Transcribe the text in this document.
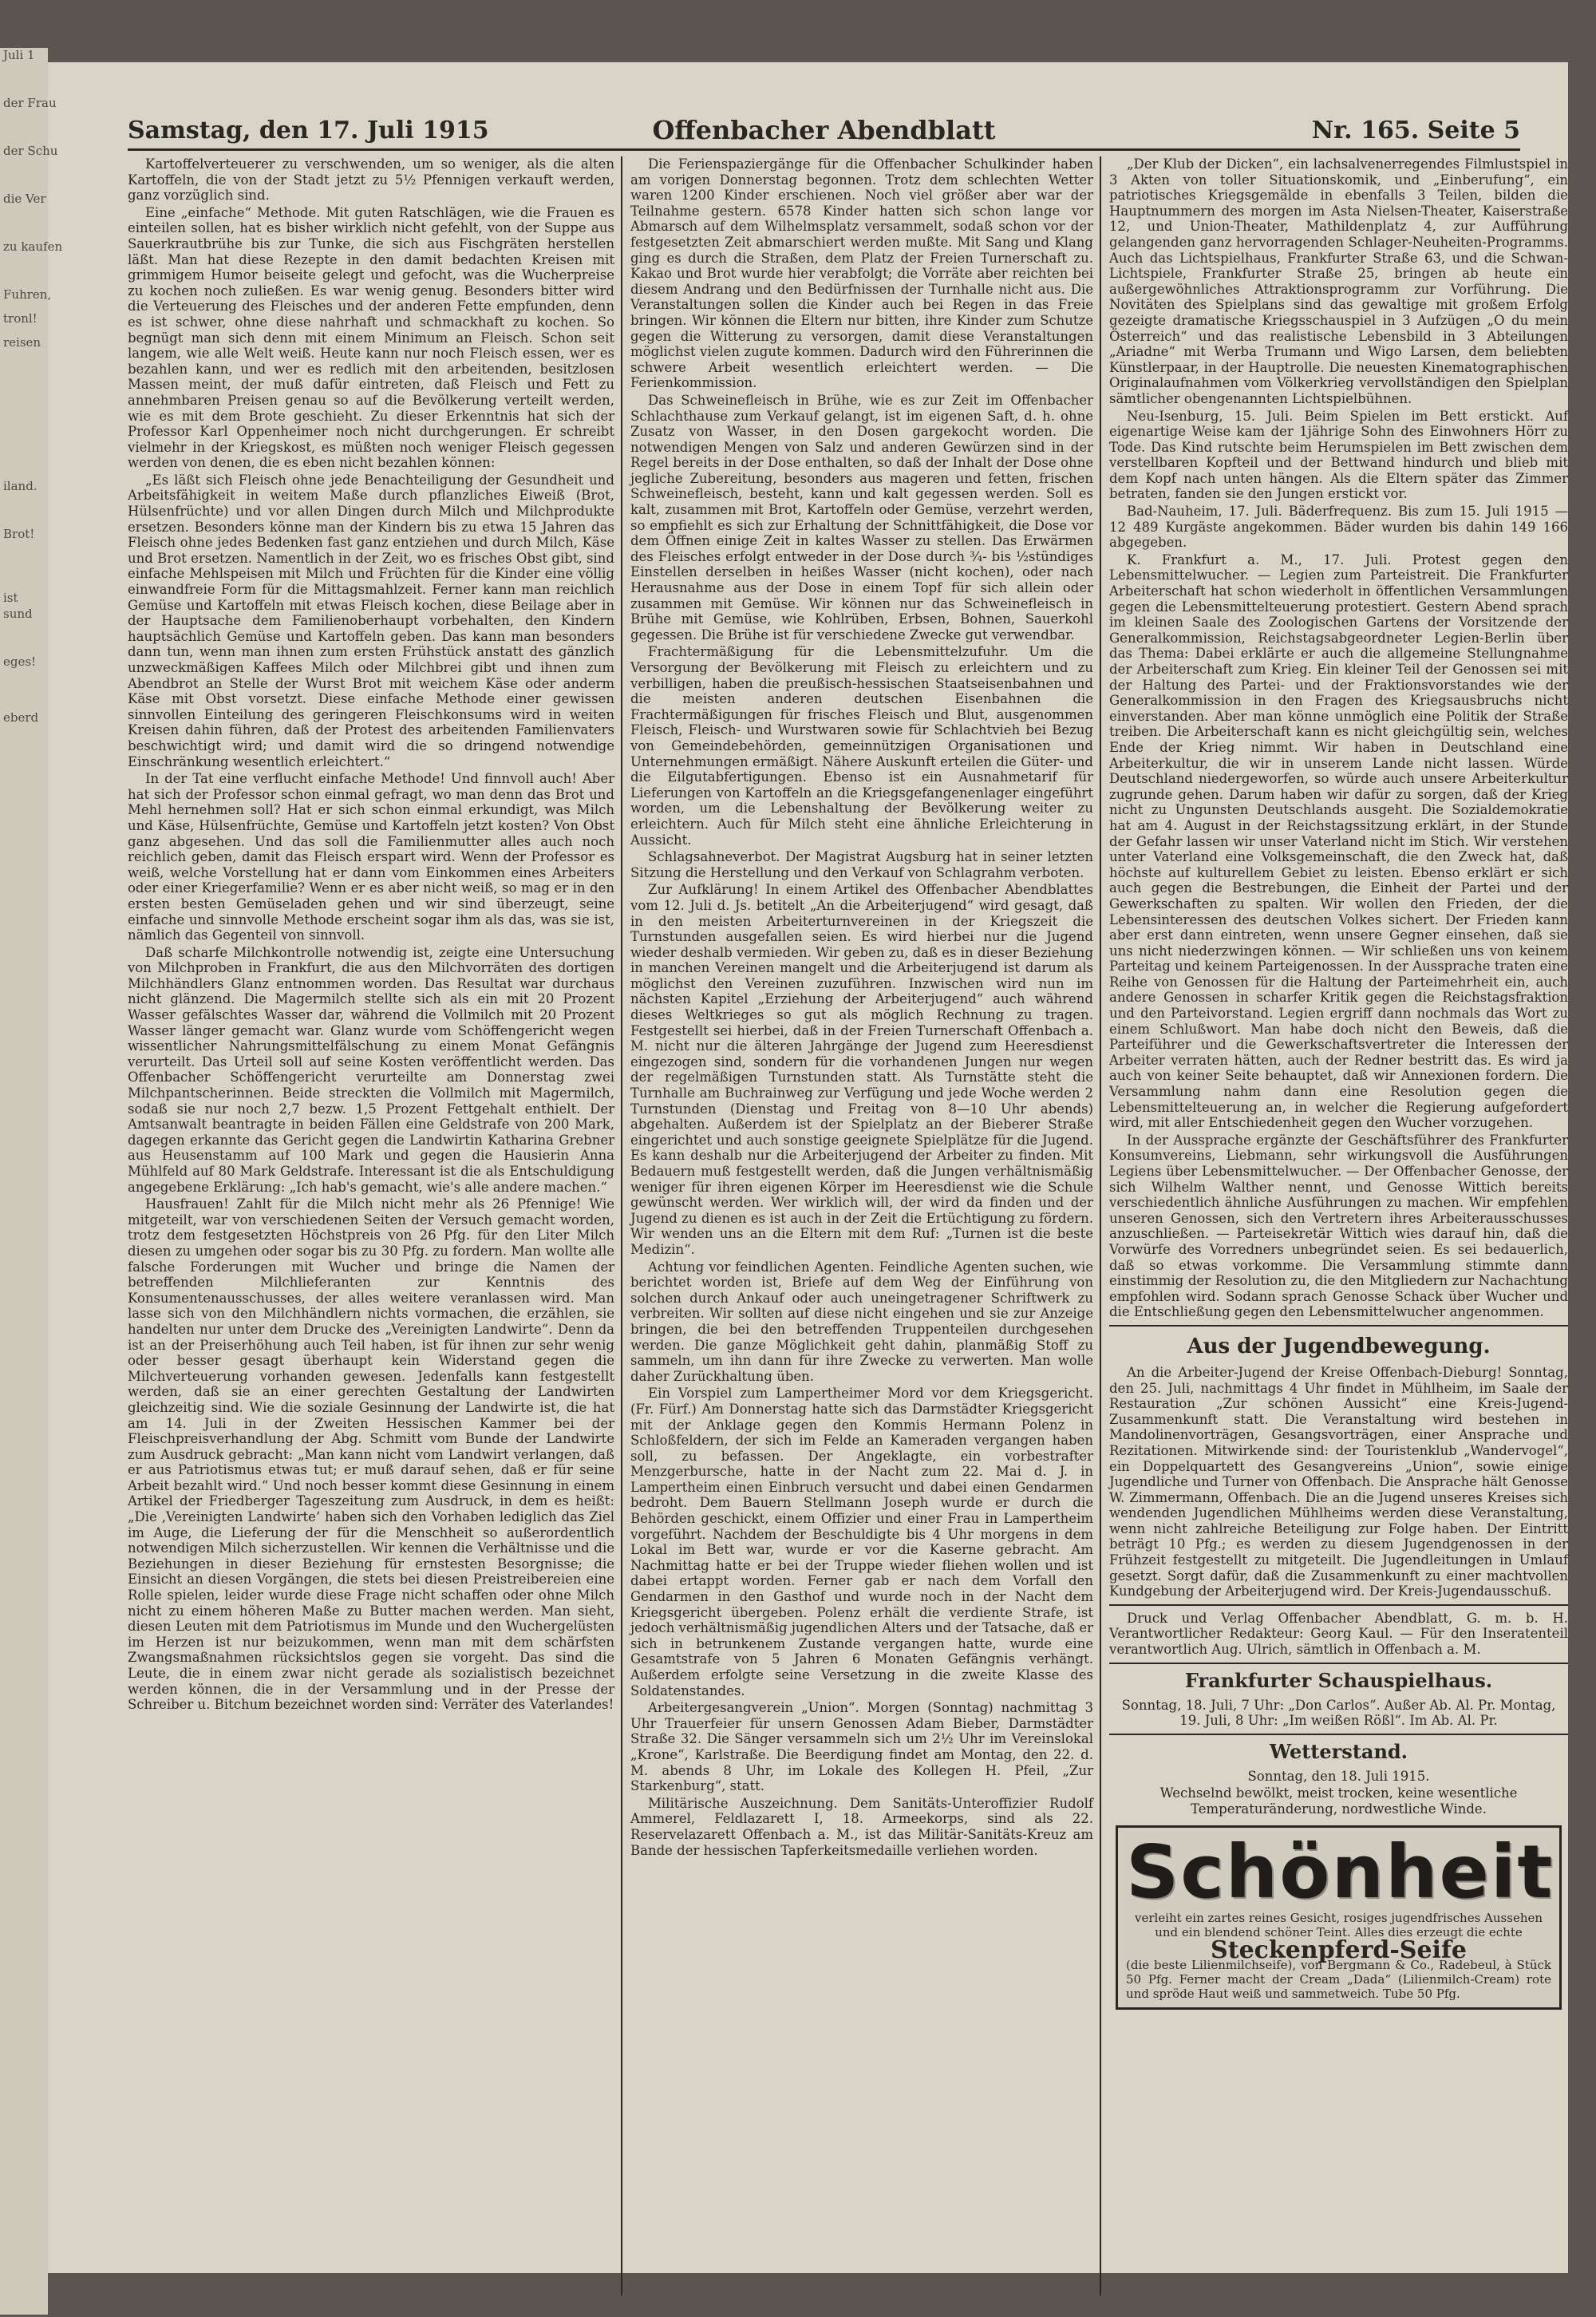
Samstag, den 17. Juli 1915	Offenbacher Abendblatt	Nr. 165. Seite 5

Kartoffelverteuerer zu verschwenden, um so weniger, als die alten Kartoffeln, die von der Stadt jetzt zu 5½ Pfennigen verkauft werden, ganz vorzüglich sind.

Eine „einfache“ Methode. Mit guten Ratschlägen, wie die Frauen es einteilen sollen, hat es bisher wirklich nicht gefehlt, von der Suppe aus Sauerkrautbrühe bis zur Tunke, die sich aus Fischgräten herstellen läßt. Man hat diese Rezepte in den damit bedachten Kreisen mit grimmigem Humor beiseite gelegt und gefocht, was die Wucherpreise zu kochen noch zuließen. Es war wenig genug. Besonders bitter wird die Verteuerung des Fleisches und der anderen Fette empfunden, denn es ist schwer, ohne diese nahrhaft und schmackhaft zu kochen. So begnügt man sich denn mit einem Minimum an Fleisch. Schon seit langem, wie alle Welt weiß. Heute kann nur noch Fleisch essen, wer es bezahlen kann, und wer es redlich mit den arbeitenden, besitzlosen Massen meint, der muß dafür eintreten, daß Fleisch und Fett zu annehmbaren Preisen genau so auf die Bevölkerung verteilt werden, wie es mit dem Brote geschieht. Zu dieser Erkenntnis hat sich der Professor Karl Oppenheimer noch nicht durchgerungen. Er schreibt vielmehr in der Kriegskost, es müßten noch weniger Fleisch gegessen werden von denen, die es eben nicht bezahlen können:

„Es läßt sich Fleisch ohne jede Benachteiligung der Gesundheit und Arbeitsfähigkeit in weitem Maße durch pflanzliches Eiweiß (Brot, Hülsenfrüchte) und vor allen Dingen durch Milch und Milchprodukte ersetzen. Besonders könne man der Kindern bis zu etwa 15 Jahren das Fleisch ohne jedes Bedenken fast ganz entziehen und durch Milch, Käse und Brot ersetzen. Namentlich in der Zeit, wo es frisches Obst gibt, sind einfache Mehlspeisen mit Milch und Früchten für die Kinder eine völlig einwandfreie Form für die Mittagsmahlzeit. Ferner kann man reichlich Gemüse und Kartoffeln mit etwas Fleisch kochen, diese Beilage aber in der Hauptsache dem Familienoberhaupt vorbehalten, den Kindern hauptsächlich Gemüse und Kartoffeln geben. Das kann man besonders dann tun, wenn man ihnen zum ersten Frühstück anstatt des gänzlich unzweckmäßigen Kaffees Milch oder Milchbrei gibt und ihnen zum Abendbrot an Stelle der Wurst Brot mit weichem Käse oder anderm Käse mit Obst vorsetzt. Diese einfache Methode einer gewissen sinnvollen Einteilung des geringeren Fleischkonsums wird in weiten Kreisen dahin führen, daß der Protest des arbeitenden Familienvaters beschwichtigt wird; und damit wird die so dringend notwendige Einschränkung wesentlich erleichtert.“

In der Tat eine verflucht einfache Methode! Und finnvoll auch! Aber hat sich der Professor schon einmal gefragt, wo man denn das Brot und Mehl hernehmen soll? Hat er sich schon einmal erkundigt, was Milch und Käse, Hülsenfrüchte, Gemüse und Kartoffeln jetzt kosten? Von Obst ganz abgesehen. Und das soll die Familienmutter alles auch noch reichlich geben, damit das Fleisch erspart wird. Wenn der Professor es weiß, welche Vorstellung hat er dann vom Einkommen eines Arbeiters oder einer Kriegerfamilie? Wenn er es aber nicht weiß, so mag er in den ersten besten Gemüseladen gehen und wir sind überzeugt, seine einfache und sinnvolle Methode erscheint sogar ihm als das, was sie ist, nämlich das Gegenteil von sinnvoll.

Daß scharfe Milchkontrolle notwendig ist, zeigte eine Untersuchung von Milchproben in Frankfurt, die aus den Milchvorräten des dortigen Milchhändlers Glanz entnommen worden. Das Resultat war durchaus nicht glänzend. Die Magermilch stellte sich als ein mit 20 Prozent Wasser gefälschtes Wasser dar, während die Vollmilch mit 20 Prozent Wasser länger gemacht war. Glanz wurde vom Schöffengericht wegen wissentlicher Nahrungsmittelfälschung zu einem Monat Gefängnis verurteilt. Das Urteil soll auf seine Kosten veröffentlicht werden. Das Offenbacher Schöffengericht verurteilte am Donnerstag zwei Milchpantscherinnen. Beide streckten die Vollmilch mit Magermilch, sodaß sie nur noch 2,7 bezw. 1,5 Prozent Fettgehalt enthielt. Der Amtsanwalt beantragte in beiden Fällen eine Geldstrafe von 200 Mark, dagegen erkannte das Gericht gegen die Landwirtin Katharina Grebner aus Heusenstamm auf 100 Mark und gegen die Hausierin Anna Mühlfeld auf 80 Mark Geldstrafe. Interessant ist die als Entschuldigung angegebene Erklärung: „Ich hab's gemacht, wie's alle andere machen.“

Hausfrauen! Zahlt für die Milch nicht mehr als 26 Pfennige! Wie mitgeteilt, war von verschiedenen Seiten der Versuch gemacht worden, trotz dem festgesetzten Höchstpreis von 26 Pfg. für den Liter Milch diesen zu umgehen oder sogar bis zu 30 Pfg. zu fordern. Man wollte alle falsche Forderungen mit Wucher und bringe die Namen der betreffenden Milchlieferanten zur Kenntnis des Konsumentenausschusses, der alles weitere veranlassen wird. Man lasse sich von den Milchhändlern nichts vormachen, die erzählen, sie handelten nur unter dem Drucke des „Vereinigten Landwirte“. Denn da ist an der Preiserhöhung auch Teil haben, ist für ihnen zur sehr wenig oder besser gesagt überhaupt kein Widerstand gegen die Milchverteuerung vorhanden gewesen. Jedenfalls kann festgestellt werden, daß sie an einer gerechten Gestaltung der Landwirten gleichzeitig sind. Wie die soziale Gesinnung der Landwirte ist, die hat am 14. Juli in der Zweiten Hessischen Kammer bei der Fleischpreisverhandlung der Abg. Schmitt vom Bunde der Landwirte zum Ausdruck gebracht: „Man kann nicht vom Landwirt verlangen, daß er aus Patriotismus etwas tut; er muß darauf sehen, daß er für seine Arbeit bezahlt wird.“ Und noch besser kommt diese Gesinnung in einem Artikel der Friedberger Tageszeitung zum Ausdruck, in dem es heißt: „Die ‚Vereinigten Landwirte‘ haben sich den Vorhaben lediglich das Ziel im Auge, die Lieferung der für die Menschheit so außerordentlich notwendigen Milch sicherzustellen. Wir kennen die Verhältnisse und die Beziehungen in dieser Beziehung für ernstesten Besorgnisse; die Einsicht an diesen Vorgängen, die stets bei diesen Preistreibereien eine Rolle spielen, leider wurde diese Frage nicht schaffen oder ohne Milch nicht zu einem höheren Maße zu Butter machen werden. Man sieht, diesen Leuten mit dem Patriotismus im Munde und den Wuchergelüsten im Herzen ist nur beizukommen, wenn man mit dem schärfsten Zwangsmaßnahmen rücksichtslos gegen sie vorgeht. Das sind die Leute, die in einem zwar nicht gerade als sozialistisch bezeichnet werden können, die in der Versammlung und in der Presse der Schreiber u. Bitchum bezeichnet worden sind: Verräter des Vaterlandes!

Die Ferienspaziergänge für die Offenbacher Schulkinder haben am vorigen Donnerstag begonnen. Trotz dem schlechten Wetter waren 1200 Kinder erschienen. Noch viel größer aber war der Teilnahme gestern. 6578 Kinder hatten sich schon lange vor Abmarsch auf dem Wilhelmsplatz versammelt, sodaß schon vor der festgesetzten Zeit abmarschiert werden mußte. Mit Sang und Klang ging es durch die Straßen, dem Platz der Freien Turnerschaft zu. Kakao und Brot wurde hier verabfolgt; die Vorräte aber reichten bei diesem Andrang und den Bedürfnissen der Turnhalle nicht aus. Die Veranstaltungen sollen die Kinder auch bei Regen in das Freie bringen. Wir können die Eltern nur bitten, ihre Kinder zum Schutze gegen die Witterung zu versorgen, damit diese Veranstaltungen möglichst vielen zugute kommen. Dadurch wird den Führerinnen die schwere Arbeit wesentlich erleichtert werden. — Die Ferienkommission.

Das Schweinefleisch in Brühe, wie es zur Zeit im Offenbacher Schlachthause zum Verkauf gelangt, ist im eigenen Saft, d. h. ohne Zusatz von Wasser, in den Dosen gargekocht worden. Die notwendigen Mengen von Salz und anderen Gewürzen sind in der Regel bereits in der Dose enthalten, so daß der Inhalt der Dose ohne jegliche Zubereitung, besonders aus mageren und fetten, frischen Schweinefleisch, besteht, kann und kalt gegessen werden. Soll es kalt, zusammen mit Brot, Kartoffeln oder Gemüse, verzehrt werden, so empfiehlt es sich zur Erhaltung der Schnittfähigkeit, die Dose vor dem Öffnen einige Zeit in kaltes Wasser zu stellen. Das Erwärmen des Fleisches erfolgt entweder in der Dose durch ¾- bis ½stündiges Einstellen derselben in heißes Wasser (nicht kochen), oder nach Herausnahme aus der Dose in einem Topf für sich allein oder zusammen mit Gemüse. Wir können nur das Schweinefleisch in Brühe mit Gemüse, wie Kohlrüben, Erbsen, Bohnen, Sauerkohl gegessen. Die Brühe ist für verschiedene Zwecke gut verwendbar.

Frachtermäßigung für die Lebensmittelzufuhr. Um die Versorgung der Bevölkerung mit Fleisch zu erleichtern und zu verbilligen, haben die preußisch-hessischen Staatseisenbahnen und die meisten anderen deutschen Eisenbahnen die Frachtermäßigungen für frisches Fleisch und Blut, ausgenommen Fleisch, Fleisch- und Wurstwaren sowie für Schlachtvieh bei Bezug von Gemeindebehörden, gemeinnützigen Organisationen und Unternehmungen ermäßigt. Nähere Auskunft erteilen die Güter- und die Eilgutabfertigungen. Ebenso ist ein Ausnahmetarif für Lieferungen von Kartoffeln an die Kriegsgefangenenlager eingeführt worden, um die Lebenshaltung der Bevölkerung weiter zu erleichtern. Auch für Milch steht eine ähnliche Erleichterung in Aussicht.

Schlagsahneverbot. Der Magistrat Augsburg hat in seiner letzten Sitzung die Herstellung und den Verkauf von Schlagrahm verboten.

Zur Aufklärung! In einem Artikel des Offenbacher Abendblattes vom 12. Juli d. Js. betitelt „An die Arbeiterjugend“ wird gesagt, daß in den meisten Arbeiterturnvereinen in der Kriegszeit die Turnstunden ausgefallen seien. Es wird hierbei nur die Jugend wieder deshalb vermieden. Wir geben zu, daß es in dieser Beziehung in manchen Vereinen mangelt und die Arbeiterjugend ist darum als möglichst den Vereinen zuzuführen. Inzwischen wird nun im nächsten Kapitel „Erziehung der Arbeiterjugend“ auch während dieses Weltkrieges so gut als möglich Rechnung zu tragen. Festgestellt sei hierbei, daß in der Freien Turnerschaft Offenbach a. M. nicht nur die älteren Jahrgänge der Jugend zum Heeresdienst eingezogen sind, sondern für die vorhandenen Jungen nur wegen der regelmäßigen Turnstunden statt. Als Turnstätte steht die Turnhalle am Buchrainweg zur Verfügung und jede Woche werden 2 Turnstunden (Dienstag und Freitag von 8—10 Uhr abends) abgehalten. Außerdem ist der Spielplatz an der Bieberer Straße eingerichtet und auch sonstige geeignete Spielplätze für die Jugend. Es kann deshalb nur die Arbeiterjugend der Arbeiter zu finden. Mit Bedauern muß festgestellt werden, daß die Jungen verhältnismäßig weniger für ihren eigenen Körper im Heeresdienst wie die Schule gewünscht werden. Wer wirklich will, der wird da finden und der Jugend zu dienen es ist auch in der Zeit die Ertüchtigung zu fördern. Wir wenden uns an die Eltern mit dem Ruf: „Turnen ist die beste Medizin“.

Achtung vor feindlichen Agenten. Feindliche Agenten suchen, wie berichtet worden ist, Briefe auf dem Weg der Einführung von solchen durch Ankauf oder auch uneingetragener Schriftwerk zu verbreiten. Wir sollten auf diese nicht eingehen und sie zur Anzeige bringen, die bei den betreffenden Truppenteilen durchgesehen werden. Die ganze Möglichkeit geht dahin, planmäßig Stoff zu sammeln, um ihn dann für ihre Zwecke zu verwerten. Man wolle daher Zurückhaltung üben.

Ein Vorspiel zum Lampertheimer Mord vor dem Kriegsgericht. (Fr. Fürf.) Am Donnerstag hatte sich das Darmstädter Kriegsgericht mit der Anklage gegen den Kommis Hermann Polenz in Schloßfeldern, der sich im Felde an Kameraden vergangen haben soll, zu befassen. Der Angeklagte, ein vorbestrafter Menzgerbursche, hatte in der Nacht zum 22. Mai d. J. in Lampertheim einen Einbruch versucht und dabei einen Gendarmen bedroht. Dem Bauern Stellmann Joseph wurde er durch die Behörden geschickt, einem Offizier und einer Frau in Lampertheim vorgeführt. Nachdem der Beschuldigte bis 4 Uhr morgens in dem Lokal im Bett war, wurde er vor die Kaserne gebracht. Am Nachmittag hatte er bei der Truppe wieder fliehen wollen und ist dabei ertappt worden. Ferner gab er nach dem Vorfall den Gendarmen in den Gasthof und wurde noch in der Nacht dem Kriegsgericht übergeben. Polenz erhält die verdiente Strafe, ist jedoch verhältnismäßig jugendlichen Alters und der Tatsache, daß er sich in betrunkenem Zustande vergangen hatte, wurde eine Gesamtstrafe von 5 Jahren 6 Monaten Gefängnis verhängt. Außerdem erfolgte seine Versetzung in die zweite Klasse des Soldatenstandes.

Arbeitergesangverein „Union“. Morgen (Sonntag) nachmittag 3 Uhr Trauerfeier für unsern Genossen Adam Bieber, Darmstädter Straße 32. Die Sänger versammeln sich um 2½ Uhr im Vereinslokal „Krone“, Karlstraße. Die Beerdigung findet am Montag, den 22. d. M. abends 8 Uhr, im Lokale des Kollegen H. Pfeil, „Zur Starkenburg“, statt.

Militärische Auszeichnung. Dem Sanitäts-Unteroffizier Rudolf Ammerel, Feldlazarett I, 18. Armeekorps, sind als 22. Reservelazarett Offenbach a. M., ist das Militär-Sanitäts-Kreuz am Bande der hessischen Tapferkeitsmedaille verliehen worden.

„Der Klub der Dicken“, ein lachsalvenerregendes Filmlustspiel in 3 Akten von toller Situationskomik, und „Einberufung“, ein patriotisches Kriegsgemälde in ebenfalls 3 Teilen, bilden die Hauptnummern des morgen im Asta Nielsen-Theater, Kaiserstraße 12, und Union-Theater, Mathildenplatz 4, zur Aufführung gelangenden ganz hervorragenden Schlager-Neuheiten-Programms. Auch das Lichtspielhaus, Frankfurter Straße 63, und die Schwan-Lichtspiele, Frankfurter Straße 25, bringen ab heute ein außergewöhnliches Attraktionsprogramm zur Vorführung. Die Novitäten des Spielplans sind das gewaltige mit großem Erfolg gezeigte dramatische Kriegsschauspiel in 3 Aufzügen „O du mein Österreich“ und das realistische Lebensbild in 3 Abteilungen „Ariadne“ mit Werba Trumann und Wigo Larsen, dem beliebten Künstlerpaar, in der Hauptrolle. Die neuesten Kinematographischen Originalaufnahmen vom Völkerkrieg vervollständigen den Spielplan sämtlicher obengenannten Lichtspielbühnen.

Neu-Isenburg, 15. Juli. Beim Spielen im Bett erstickt. Auf eigenartige Weise kam der 1jährige Sohn des Einwohners Hörr zu Tode. Das Kind rutschte beim Herumspielen im Bett zwischen dem verstellbaren Kopfteil und der Bettwand hindurch und blieb mit dem Kopf nach unten hängen. Als die Eltern später das Zimmer betraten, fanden sie den Jungen erstickt vor.

Bad-Nauheim, 17. Juli. Bäderfrequenz. Bis zum 15. Juli 1915 — 12 489 Kurgäste angekommen. Bäder wurden bis dahin 149 166 abgegeben.

K. Frankfurt a. M., 17. Juli. Protest gegen den Lebensmittelwucher. — Legien zum Parteistreit. Die Frankfurter Arbeiterschaft hat schon wiederholt in öffentlichen Versammlungen gegen die Lebensmittelteuerung protestiert. Gestern Abend sprach im kleinen Saale des Zoologischen Gartens der Vorsitzende der Generalkommission, Reichstagsabgeordneter Legien-Berlin über das Thema: Dabei erklärte er auch die allgemeine Stellungnahme der Arbeiterschaft zum Krieg. Ein kleiner Teil der Genossen sei mit der Haltung des Partei- und der Fraktionsvorstandes wie der Generalkommission in den Fragen des Kriegsausbruchs nicht einverstanden. Aber man könne unmöglich eine Politik der Straße treiben. Die Arbeiterschaft kann es nicht gleichgültig sein, welches Ende der Krieg nimmt. Wir haben in Deutschland eine Arbeiterkultur, die wir in unserem Lande nicht lassen. Würde Deutschland niedergeworfen, so würde auch unsere Arbeiterkultur zugrunde gehen. Darum haben wir dafür zu sorgen, daß der Krieg nicht zu Ungunsten Deutschlands ausgeht. Die Sozialdemokratie hat am 4. August in der Reichstagssitzung erklärt, in der Stunde der Gefahr lassen wir unser Vaterland nicht im Stich. Wir verstehen unter Vaterland eine Volksgemeinschaft, die den Zweck hat, daß höchste auf kulturellem Gebiet zu leisten. Ebenso erklärt er sich auch gegen die Bestrebungen, die Einheit der Partei und der Gewerkschaften zu spalten. Wir wollen den Frieden, der die Lebensinteressen des deutschen Volkes sichert. Der Frieden kann aber erst dann eintreten, wenn unsere Gegner einsehen, daß sie uns nicht niederzwingen können. — Wir schließen uns von keinem Parteitag und keinem Parteigenossen. In der Aussprache traten eine Reihe von Genossen für die Haltung der Parteimehrheit ein, auch andere Genossen in scharfer Kritik gegen die Reichstagsfraktion und den Parteivorstand. Legien ergriff dann nochmals das Wort zu einem Schlußwort. Man habe doch nicht den Beweis, daß die Parteiführer und die Gewerkschaftsvertreter die Interessen der Arbeiter verraten hätten, auch der Redner bestritt das. Es wird ja auch von keiner Seite behauptet, daß wir Annexionen fordern. Die Versammlung nahm dann eine Resolution gegen die Lebensmittelteuerung an, in welcher die Regierung aufgefordert wird, mit aller Entschiedenheit gegen den Wucher vorzugehen.

In der Aussprache ergänzte der Geschäftsführer des Frankfurter Konsumvereins, Liebmann, sehr wirkungsvoll die Ausführungen Legiens über Lebensmittelwucher. — Der Offenbacher Genosse, der sich Wilhelm Walther nennt, und Genosse Wittich bereits verschiedentlich ähnliche Ausführungen zu machen. Wir empfehlen unseren Genossen, sich den Vertretern ihres Arbeiterausschusses anzuschließen. — Parteisekretär Wittich wies darauf hin, daß die Vorwürfe des Vorredners unbegründet seien. Es sei bedauerlich, daß so etwas vorkomme. Die Versammlung stimmte dann einstimmig der Resolution zu, die den Mitgliedern zur Nachachtung empfohlen wird. Sodann sprach Genosse Schack über Wucher und die Entschließung gegen den Lebensmittelwucher angenommen.

Aus der Jugendbewegung.

An die Arbeiter-Jugend der Kreise Offenbach-Dieburg! Sonntag, den 25. Juli, nachmittags 4 Uhr findet in Mühlheim, im Saale der Restauration „Zur schönen Aussicht“ eine Kreis-Jugend-Zusammenkunft statt. Die Veranstaltung wird bestehen in Mandolinenvorträgen, Gesangsvorträgen, einer Ansprache und Rezitationen. Mitwirkende sind: der Touristenklub „Wandervogel“, ein Doppelquartett des Gesangvereins „Union“, sowie einige Jugendliche und Turner von Offenbach. Die Ansprache hält Genosse W. Zimmermann, Offenbach. Die an die Jugend unseres Kreises sich wendenden Jugendlichen Mühlheims werden diese Veranstaltung, wenn nicht zahlreiche Beteiligung zur Folge haben. Der Eintritt beträgt 10 Pfg.; es werden zu diesem Jugendgenossen in der Frühzeit festgestellt zu mitgeteilt. Die Jugendleitungen in Umlauf gesetzt. Sorgt dafür, daß die Zusammenkunft zu einer machtvollen Kundgebung der Arbeiterjugend wird. Der Kreis-Jugendausschuß.

Druck und Verlag Offenbacher Abendblatt, G. m. b. H. Verantwortlicher Redakteur: Georg Kaul. — Für den Inseratenteil verantwortlich Aug. Ulrich, sämtlich in Offenbach a. M.

Frankfurter Schauspielhaus.

Sonntag, 18. Juli, 7 Uhr: „Don Carlos“. Außer Ab. Al. Pr. Montag, 19. Juli, 8 Uhr: „Im weißen Rößl“. Im Ab. Al. Pr.

Wetterstand.

Sonntag, den 18. Juli 1915.

Wechselnd bewölkt, meist trocken, keine wesentliche Temperaturänderung, nordwestliche Winde.

Schönheit
verleiht ein zartes reines Gesicht, rosiges jugendfrisches Aussehen und ein blendend schöner Teint. Alles dies erzeugt die echte
Steckenpferd-Seife
(die beste Lilienmilchseife), von Bergmann & Co., Radebeul, à Stück 50 Pfg. Ferner macht der Cream „Dada“ (Lilienmilch-Cream) rote und spröde Haut weiß und sammetweich. Tube 50 Pfg.
Juli 1
der Frau
der Schu
die Ver
zu kaufen
Fuhren,
reisen
tronl!
iland.
Brot!
ist
sund
eges!
eberd
